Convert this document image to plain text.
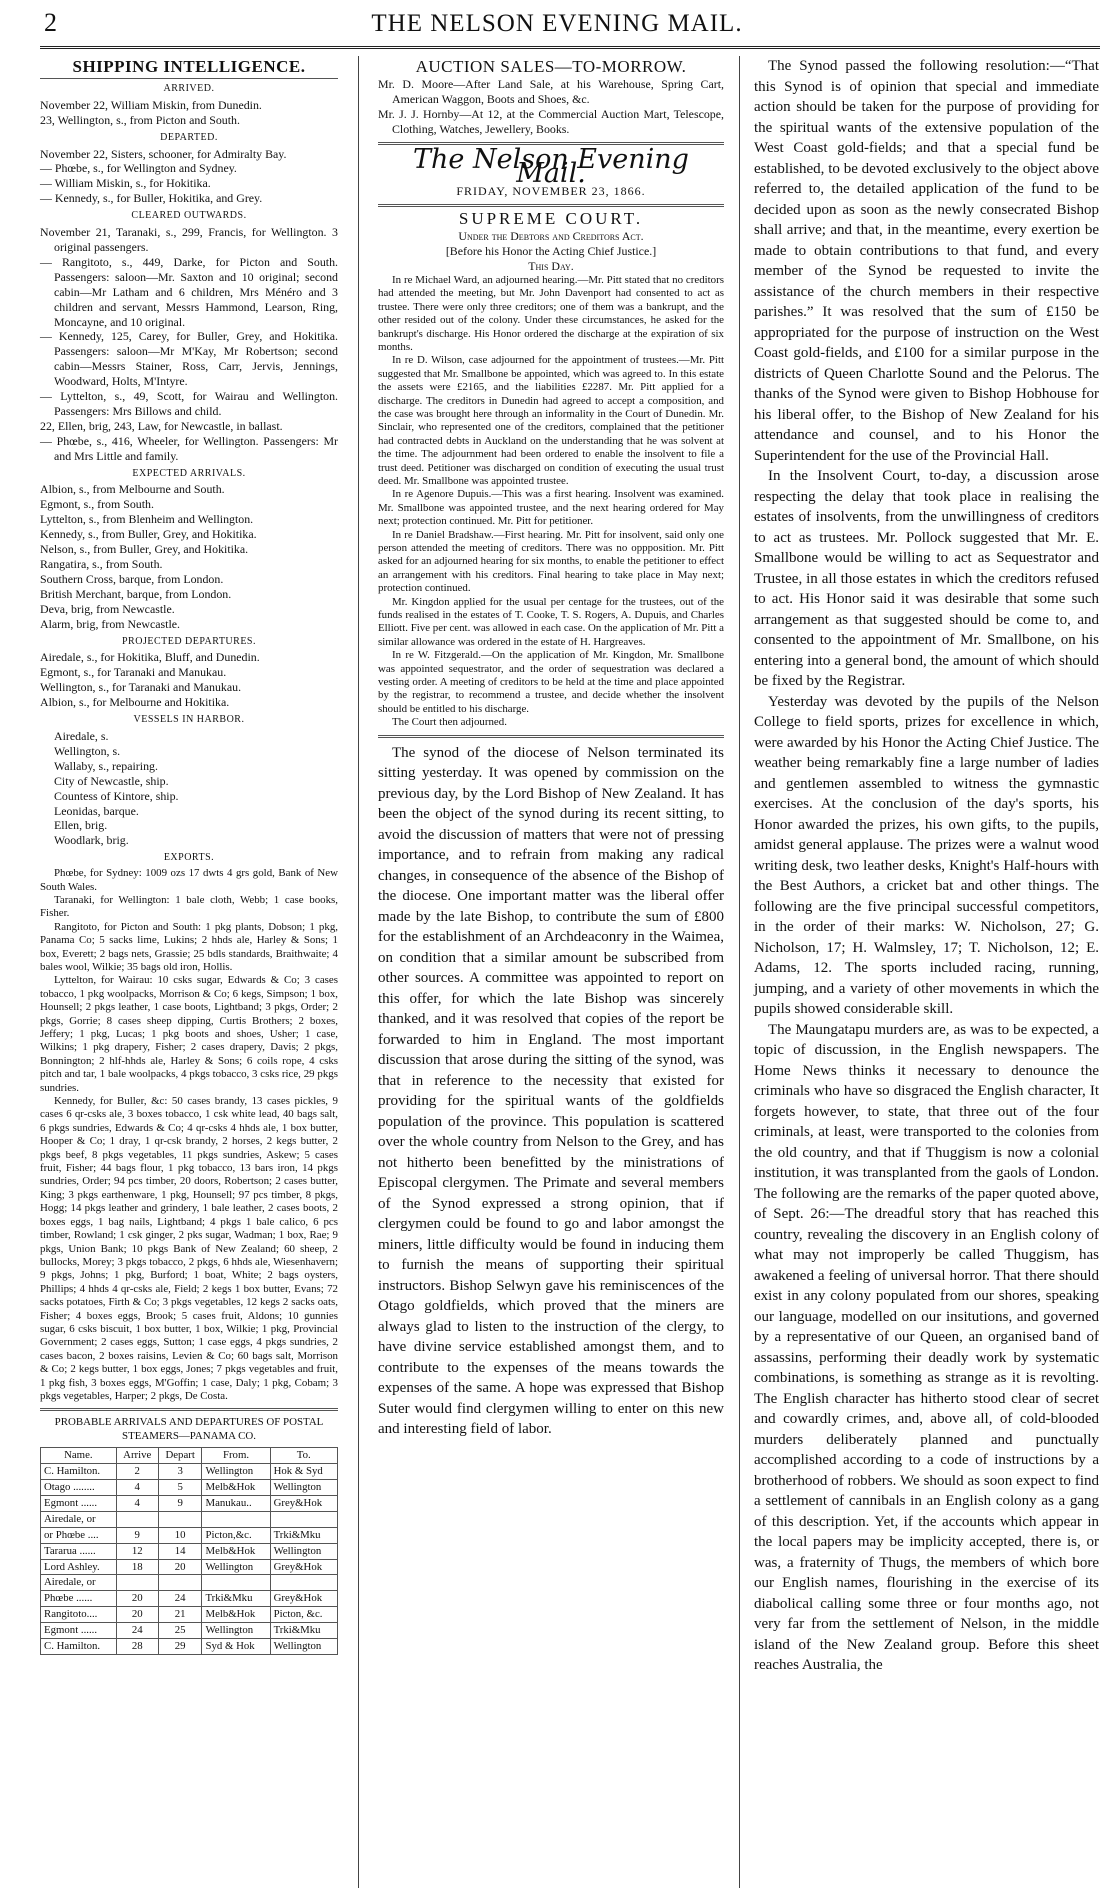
2	THE NELSON EVENING MAIL.
SHIPPING INTELLIGENCE.
ARRIVED.

November 22, William Miskin, from Dunedin.

23, Wellington, s., from Picton and South.

DEPARTED.

November 22, Sisters, schooner, for Admiralty Bay.

— Phœbe, s., for Wellington and Sydney.

— William Miskin, s., for Hokitika.

— Kennedy, s., for Buller, Hokitika, and Grey.

CLEARED OUTWARDS.

November 21, Taranaki, s., 299, Francis, for Wellington. 3 original passengers.

— Rangitoto, s., 449, Darke, for Picton and South. Passengers: saloon—Mr. Saxton and 10 original; second cabin—Mr Latham and 6 children, Mrs Ménéro and 3 children and servant, Messrs Hammond, Learson, Ring, Moncayne, and 10 original.

— Kennedy, 125, Carey, for Buller, Grey, and Hokitika. Passengers: saloon—Mr M'Kay, Mr Robertson; second cabin—Messrs Stainer, Ross, Carr, Jervis, Jennings, Woodward, Holts, M'Intyre.

— Lyttelton, s., 49, Scott, for Wairau and Wellington. Passengers: Mrs Billows and child.

22, Ellen, brig, 243, Law, for Newcastle, in ballast.

— Phœbe, s., 416, Wheeler, for Wellington. Passengers: Mr and Mrs Little and family.

EXPECTED ARRIVALS.

Albion, s., from Melbourne and South.

Egmont, s., from South.

Lyttelton, s., from Blenheim and Wellington.

Kennedy, s., from Buller, Grey, and Hokitika.

Nelson, s., from Buller, Grey, and Hokitika.

Rangatira, s., from South.

Southern Cross, barque, from London.

British Merchant, barque, from London.

Deva, brig, from Newcastle.

Alarm, brig, from Newcastle.

PROJECTED DEPARTURES.

Airedale, s., for Hokitika, Bluff, and Dunedin.

Egmont, s., for Taranaki and Manukau.

Wellington, s., for Taranaki and Manukau.

Albion, s., for Melbourne and Hokitika.

VESSELS IN HARBOR.

Airedale, s.

Wellington, s.

Wallaby, s., repairing.

City of Newcastle, ship.

Countess of Kintore, ship.

Leonidas, barque.

Ellen, brig.

Woodlark, brig.

EXPORTS.

Phœbe, for Sydney: 1009 ozs 17 dwts 4 grs gold, Bank of New South Wales.

Taranaki, for Wellington: 1 bale cloth, Webb; 1 case books, Fisher.

Rangitoto, for Picton and South: 1 pkg plants, Dobson; 1 pkg, Panama Co; 5 sacks lime, Lukins; 2 hhds ale, Harley & Sons; 1 box, Everett; 2 bags nets, Grassie; 25 bdls standards, Braithwaite; 4 bales wool, Wilkie; 35 bags old iron, Hollis.

Lyttelton, for Wairau: 10 csks sugar, Edwards & Co; 3 cases tobacco, 1 pkg woolpacks, Morrison & Co; 6 kegs, Simpson; 1 box, Hounsell; 2 pkgs leather, 1 case boots, Lightband; 3 pkgs, Order; 2 pkgs, Gorrie; 8 cases sheep dipping, Curtis Brothers; 2 boxes, Jeffery; 1 pkg, Lucas; 1 pkg boots and shoes, Usher; 1 case, Wilkins; 1 pkg drapery, Fisher; 2 cases drapery, Davis; 2 pkgs, Bonnington; 2 hlf-hhds ale, Harley & Sons; 6 coils rope, 4 csks pitch and tar, 1 bale woolpacks, 4 pkgs tobacco, 3 csks rice, 29 pkgs sundries.

Kennedy, for Buller, &c: 50 cases brandy, 13 cases pickles, 9 cases 6 qr-csks ale, 3 boxes tobacco, 1 csk white lead, 40 bags salt, 6 pkgs sundries, Edwards & Co; 4 qr-csks 4 hhds ale, 1 box butter, Hooper & Co; 1 dray, 1 qr-csk brandy, 2 horses, 2 kegs butter, 2 pkgs beef, 8 pkgs vegetables, 11 pkgs sundries, Askew; 5 cases fruit, Fisher; 44 bags flour, 1 pkg tobacco, 13 bars iron, 14 pkgs sundries, Order; 94 pcs timber, 20 doors, Robertson; 2 cases butter, King; 3 pkgs earthenware, 1 pkg, Hounsell; 97 pcs timber, 8 pkgs, Hogg; 14 pkgs leather and grindery, 1 bale leather, 2 cases boots, 2 boxes eggs, 1 bag nails, Lightband; 4 pkgs 1 bale calico, 6 pcs timber, Rowland; 1 csk ginger, 2 pks sugar, Wadman; 1 box, Rae; 9 pkgs, Union Bank; 10 pkgs Bank of New Zealand; 60 sheep, 2 bullocks, Morey; 3 pkgs tobacco, 2 pkgs, 6 hhds ale, Wiesenhavern; 9 pkgs, Johns; 1 pkg, Burford; 1 boat, White; 2 bags oysters, Phillips; 4 hhds 4 qr-csks ale, Field; 2 kegs 1 box butter, Evans; 72 sacks potatoes, Firth & Co; 3 pkgs vegetables, 12 kegs 2 sacks oats, Fisher; 4 boxes eggs, Brook; 5 cases fruit, Aldons; 10 gunnies sugar, 6 csks biscuit, 1 box butter, 1 box, Wilkie; 1 pkg, Provincial Government; 2 cases eggs, Sutton; 1 case eggs, 4 pkgs sundries, 2 cases bacon, 2 boxes raisins, Levien & Co; 60 bags salt, Morrison & Co; 2 kegs butter, 1 box eggs, Jones; 7 pkgs vegetables and fruit, 1 pkg fish, 3 boxes eggs, M'Goffin; 1 case, Daly; 1 pkg, Cobam; 3 pkgs vegetables, Harper; 2 pkgs, De Costa.

PROBABLE ARRIVALS AND DEPARTURES OF POSTAL STEAMERS—PANAMA CO.
Name.	Arrive	Depart	From.	To.
C. Hamilton.	2	3	Wellington	Hok & Syd
Otago ........	4	5	Melb&Hok	Wellington
Egmont ......	4	9	Manukau..	Grey&Hok
Airedale, or				
or Phœbe ....	9	10	Picton,&c.	Trki&Mku
Tararua ......	12	14	Melb&Hok	Wellington
Lord Ashley.	18	20	Wellington	Grey&Hok
Airedale, or				
Phœbe ......	20	24	Trki&Mku	Grey&Hok
Rangitoto....	20	21	Melb&Hok	Picton, &c.
Egmont ......	24	25	Wellington	Trki&Mku
C. Hamilton.	28	29	Syd & Hok	Wellington
AUCTION SALES—TO-MORROW.

Mr. D. Moore—After Land Sale, at his Warehouse, Spring Cart, American Waggon, Boots and Shoes, &c.

Mr. J. J. Hornby—At 12, at the Commercial Auction Mart, Telescope, Clothing, Watches, Jewellery, Books.

The Nelson Evening Mail.
FRIDAY, NOVEMBER 23, 1866.
SUPREME COURT.
Under the Debtors and Creditors Act.
[Before his Honor the Acting Chief Justice.]
This Day.

In re Michael Ward, an adjourned hearing.—Mr. Pitt stated that no creditors had attended the meeting, but Mr. John Davenport had consented to act as trustee. There were only three creditors; one of them was a bankrupt, and the other resided out of the colony. Under these circumstances, he asked for the bankrupt's discharge. His Honor ordered the discharge at the expiration of six months.

In re D. Wilson, case adjourned for the appointment of trustees.—Mr. Pitt suggested that Mr. Smallbone be appointed, which was agreed to. In this estate the assets were £2165, and the liabilities £2287. Mr. Pitt applied for a discharge. The creditors in Dunedin had agreed to accept a composition, and the case was brought here through an informality in the Court of Dunedin. Mr. Sinclair, who represented one of the creditors, complained that the petitioner had contracted debts in Auckland on the understanding that he was solvent at the time. The adjournment had been ordered to enable the insolvent to file a trust deed. Petitioner was discharged on condition of executing the usual trust deed. Mr. Smallbone was appointed trustee.

In re Agenore Dupuis.—This was a first hearing. Insolvent was examined. Mr. Smallbone was appointed trustee, and the next hearing ordered for May next; protection continued. Mr. Pitt for petitioner.

In re Daniel Bradshaw.—First hearing. Mr. Pitt for insolvent, said only one person attended the meeting of creditors. There was no oppposition. Mr. Pitt asked for an adjourned hearing for six months, to enable the petitioner to effect an arrangement with his creditors. Final hearing to take place in May next; protection continued.

Mr. Kingdon applied for the usual per centage for the trustees, out of the funds realised in the estates of T. Cooke, T. S. Rogers, A. Dupuis, and Charles Elliott. Five per cent. was allowed in each case. On the application of Mr. Pitt a similar allowance was ordered in the estate of H. Hargreaves.

In re W. Fitzgerald.—On the application of Mr. Kingdon, Mr. Smallbone was appointed sequestrator, and the order of sequestration was declared a vesting order. A meeting of creditors to be held at the time and place appointed by the registrar, to recommend a trustee, and decide whether the insolvent should be entitled to his discharge.

The Court then adjourned.

The synod of the diocese of Nelson terminated its sitting yesterday. It was opened by commission on the previous day, by the Lord Bishop of New Zealand. It has been the object of the synod during its recent sitting, to avoid the discussion of matters that were not of pressing importance, and to refrain from making any radical changes, in consequence of the absence of the Bishop of the diocese. One important matter was the liberal offer made by the late Bishop, to contribute the sum of £800 for the establishment of an Archdeaconry in the Waimea, on condition that a similar amount be subscribed from other sources. A committee was appointed to report on this offer, for which the late Bishop was sincerely thanked, and it was resolved that copies of the report be forwarded to him in England. The most important discussion that arose during the sitting of the synod, was that in reference to the necessity that existed for providing for the spiritual wants of the goldfields population of the province. This population is scattered over the whole country from Nelson to the Grey, and has not hitherto been benefitted by the ministrations of Episcopal clergymen. The Primate and several members of the Synod expressed a strong opinion, that if clergymen could be found to go and labor amongst the miners, little difficulty would be found in inducing them to furnish the means of supporting their spiritual instructors. Bishop Selwyn gave his reminiscences of the Otago goldfields, which proved that the miners are always glad to listen to the instruction of the clergy, to have divine service established amongst them, and to contribute to the expenses of the means towards the expenses of the same. A hope was expressed that Bishop Suter would find clergymen willing to enter on this new and interesting field of labor.

The Synod passed the following resolution:—“That this Synod is of opinion that special and immediate action should be taken for the purpose of providing for the spiritual wants of the extensive population of the West Coast gold-fields; and that a special fund be established, to be devoted exclusively to the object above referred to, the detailed application of the fund to be decided upon as soon as the newly consecrated Bishop shall arrive; and that, in the meantime, every exertion be made to obtain contributions to that fund, and every member of the Synod be requested to invite the assistance of the church members in their respective parishes.” It was resolved that the sum of £150 be appropriated for the purpose of instruction on the West Coast gold-fields, and £100 for a similar purpose in the districts of Queen Charlotte Sound and the Pelorus. The thanks of the Synod were given to Bishop Hobhouse for his liberal offer, to the Bishop of New Zealand for his attendance and counsel, and to his Honor the Superintendent for the use of the Provincial Hall.

In the Insolvent Court, to-day, a discussion arose respecting the delay that took place in realising the estates of insolvents, from the unwillingness of creditors to act as trustees. Mr. Pollock suggested that Mr. E. Smallbone would be willing to act as Sequestrator and Trustee, in all those estates in which the creditors refused to act. His Honor said it was desirable that some such arrangement as that suggested should be come to, and consented to the appointment of Mr. Smallbone, on his entering into a general bond, the amount of which should be fixed by the Registrar.

Yesterday was devoted by the pupils of the Nelson College to field sports, prizes for excellence in which, were awarded by his Honor the Acting Chief Justice. The weather being remarkably fine a large number of ladies and gentlemen assembled to witness the gymnastic exercises. At the conclusion of the day's sports, his Honor awarded the prizes, his own gifts, to the pupils, amidst general applause. The prizes were a walnut wood writing desk, two leather desks, Knight's Half-hours with the Best Authors, a cricket bat and other things. The following are the five principal successful competitors, in the order of their marks: W. Nicholson, 27; G. Nicholson, 17; H. Walmsley, 17; T. Nicholson, 12; E. Adams, 12. The sports included racing, running, jumping, and a variety of other movements in which the pupils showed considerable skill.

The Maungatapu murders are, as was to be expected, a topic of discussion, in the English newspapers. The Home News thinks it necessary to denounce the criminals who have so disgraced the English character, It forgets however, to state, that three out of the four criminals, at least, were transported to the colonies from the old country, and that if Thuggism is now a colonial institution, it was transplanted from the gaols of London. The following are the remarks of the paper quoted above, of Sept. 26:—The dreadful story that has reached this country, revealing the discovery in an English colony of what may not improperly be called Thuggism, has awakened a feeling of universal horror. That there should exist in any colony populated from our shores, speaking our language, modelled on our insitutions, and governed by a representative of our Queen, an organised band of assassins, performing their deadly work by systematic combinations, is something as strange as it is revolting. The English character has hitherto stood clear of secret and cowardly crimes, and, above all, of cold-blooded murders deliberately planned and punctually accomplished according to a code of instructions by a brotherhood of robbers. We should as soon expect to find a settlement of cannibals in an English colony as a gang of this description. Yet, if the accounts which appear in the local papers may be implicity accepted, there is, or was, a fraternity of Thugs, the members of which bore our English names, flourishing in the exercise of its diabolical calling some three or four months ago, not very far from the settlement of Nelson, in the middle island of the New Zealand group. Before this sheet reaches Australia, the
